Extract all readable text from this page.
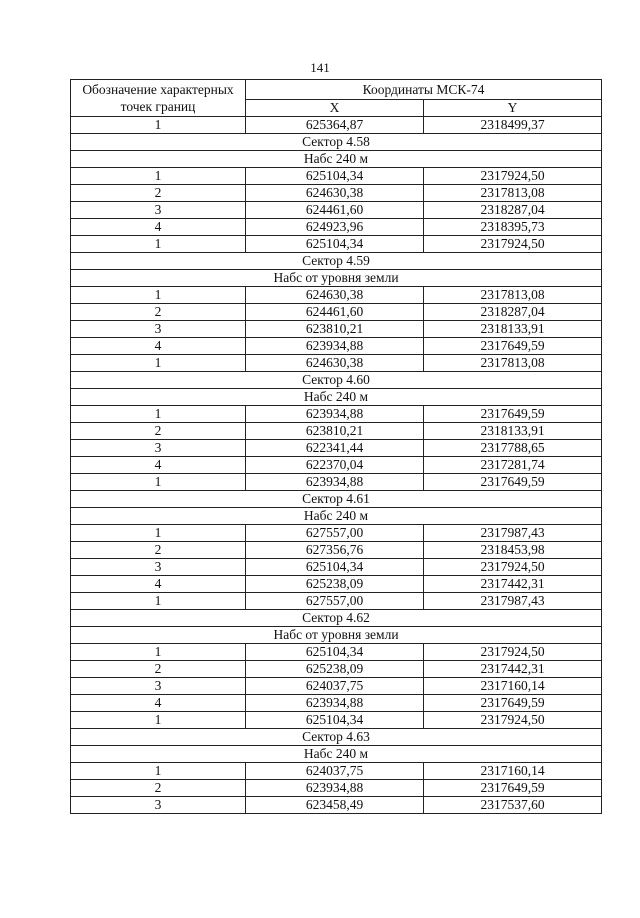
141
Обозначение характерных точек границ	Координаты МСК-74	
	X	Y
1	625364,87	2318499,37
Сектор 4.58		
Набс 240 м		
1	625104,34	2317924,50
2	624630,38	2317813,08
3	624461,60	2318287,04
4	624923,96	2318395,73
1	625104,34	2317924,50
Сектор 4.59		
Набс от уровня земли		
1	624630,38	2317813,08
2	624461,60	2318287,04
3	623810,21	2318133,91
4	623934,88	2317649,59
1	624630,38	2317813,08
Сектор 4.60		
Набс 240 м		
1	623934,88	2317649,59
2	623810,21	2318133,91
3	622341,44	2317788,65
4	622370,04	2317281,74
1	623934,88	2317649,59
Сектор 4.61		
Набс 240 м		
1	627557,00	2317987,43
2	627356,76	2318453,98
3	625104,34	2317924,50
4	625238,09	2317442,31
1	627557,00	2317987,43
Сектор 4.62		
Набс от уровня земли		
1	625104,34	2317924,50
2	625238,09	2317442,31
3	624037,75	2317160,14
4	623934,88	2317649,59
1	625104,34	2317924,50
Сектор 4.63		
Набс 240 м		
1	624037,75	2317160,14
2	623934,88	2317649,59
3	623458,49	2317537,60
